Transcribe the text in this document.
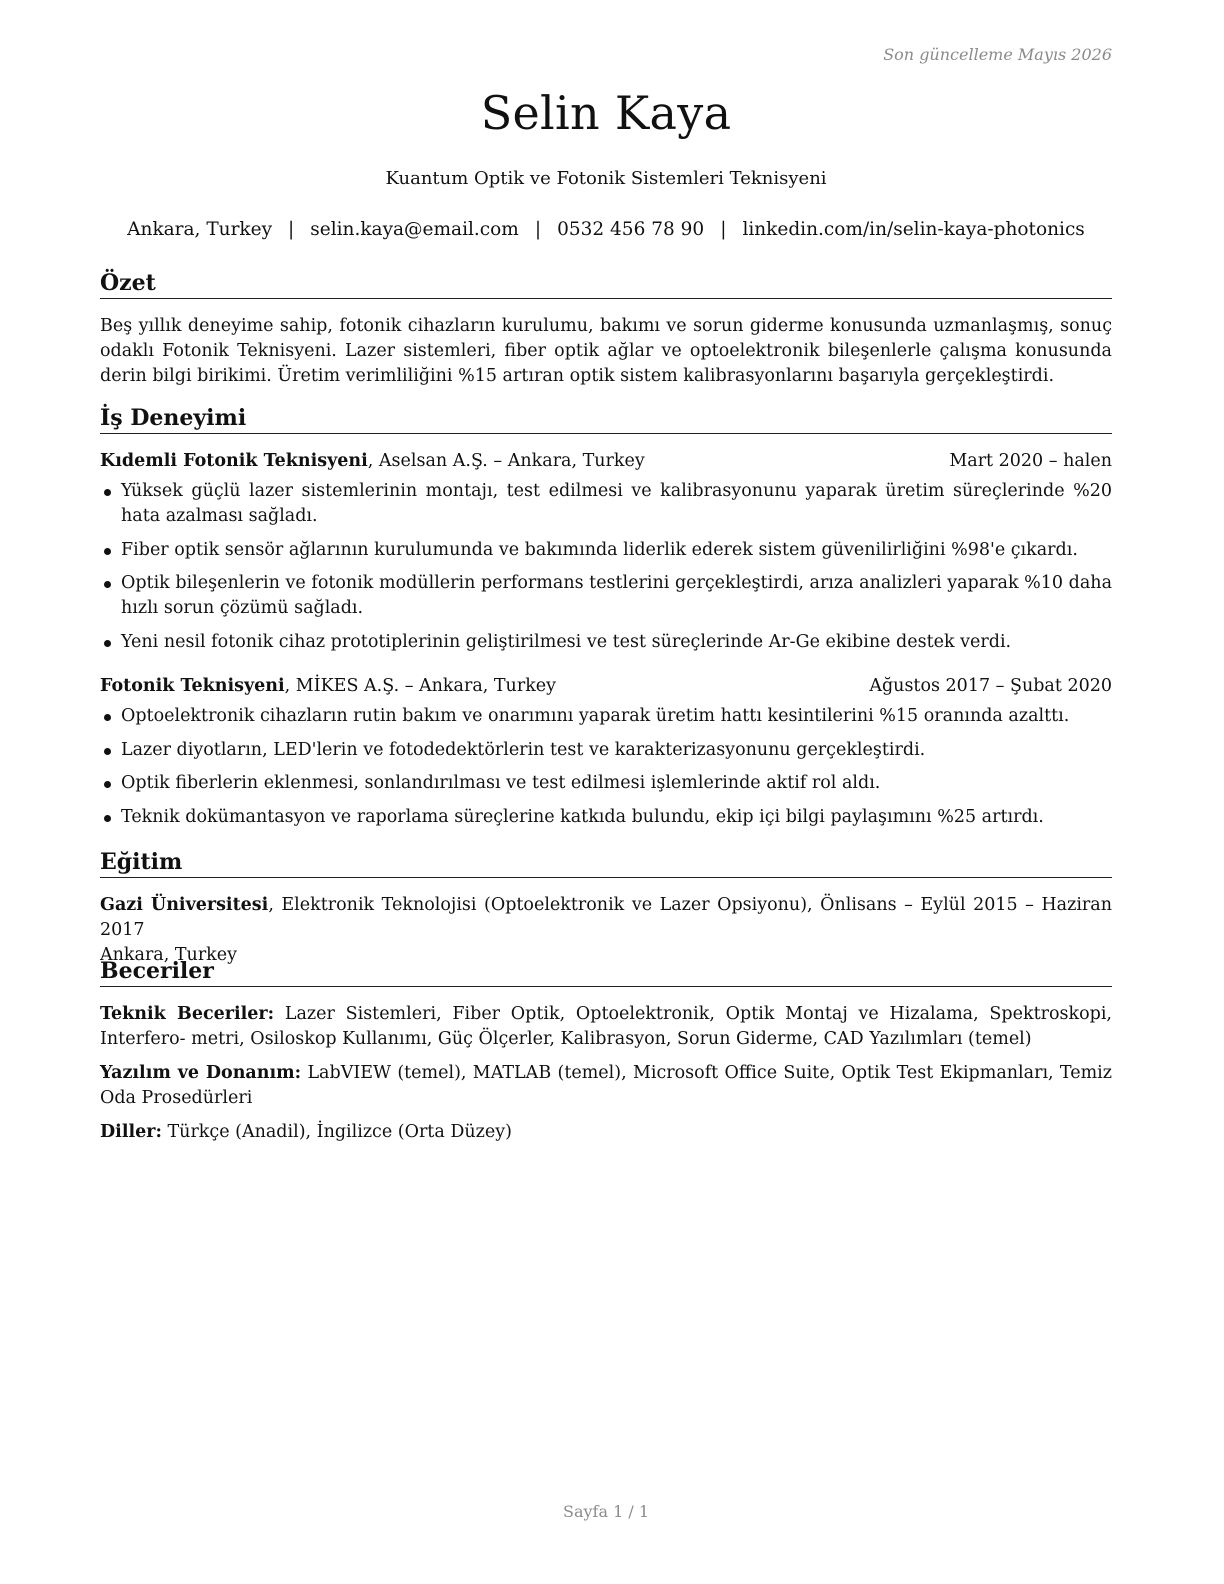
Son güncelleme Mayıs 2026
Selin Kaya
Kuantum Optik ve Fotonik Sistemleri Teknisyeni
Ankara, Turkey | selin.kaya@email.com | 0532 456 78 90 | linkedin.com/in/selin-kaya-photonics
Özet
Beş yıllık deneyime sahip, fotonik cihazların kurulumu, bakımı ve sorun giderme konusunda uzmanlaşmış, sonuç odaklı Fotonik Teknisyeni. Lazer sistemleri, fiber optik ağlar ve optoelektronik bileşenlerle çalışma konusunda derin bilgi birikimi. Üretim verimliliğini %15 artıran optik sistem kalibrasyonlarını başarıyla gerçekleştirdi.
İş Deneyimi
Kıdemli Fotonik Teknisyeni, Aselsan A.Ş. – Ankara, Turkey	Mart 2020 – halen
Yüksek güçlü lazer sistemlerinin montajı, test edilmesi ve kalibrasyonunu yaparak üretim süreçlerinde %20 hata azalması sağladı.
Fiber optik sensör ağlarının kurulumunda ve bakımında liderlik ederek sistem güvenilirliğini %98'e çıkardı.
Optik bileşenlerin ve fotonik modüllerin performans testlerini gerçekleştirdi, arıza analizleri yaparak %10 daha hızlı sorun çözümü sağladı.
Yeni nesil fotonik cihaz prototiplerinin geliştirilmesi ve test süreçlerinde Ar-Ge ekibine destek verdi.
Fotonik Teknisyeni, MİKES A.Ş. – Ankara, Turkey	Ağustos 2017 – Şubat 2020
Optoelektronik cihazların rutin bakım ve onarımını yaparak üretim hattı kesintilerini %15 oranında azalttı.
Lazer diyotların, LED'lerin ve fotodedektörlerin test ve karakterizasyonunu gerçekleştirdi.
Optik fiberlerin eklenmesi, sonlandırılması ve test edilmesi işlemlerinde aktif rol aldı.
Teknik dokümantasyon ve raporlama süreçlerine katkıda bulundu, ekip içi bilgi paylaşımını %25 artırdı.
Eğitim
Gazi Üniversitesi, Elektronik Teknolojisi (Optoelektronik ve Lazer Opsiyonu), Önlisans – Eylül 2015 – Haziran 2017
Ankara, Turkey
Beceriler
Teknik Beceriler: Lazer Sistemleri, Fiber Optik, Optoelektronik, Optik Montaj ve Hizalama, Spektroskopi, Interfero- metri, Osiloskop Kullanımı, Güç Ölçerler, Kalibrasyon, Sorun Giderme, CAD Yazılımları (temel)
Yazılım ve Donanım: LabVIEW (temel), MATLAB (temel), Microsoft Office Suite, Optik Test Ekipmanları, Temiz Oda Prosedürleri
Diller: Türkçe (Anadil), İngilizce (Orta Düzey)
Sayfa 1 / 1
